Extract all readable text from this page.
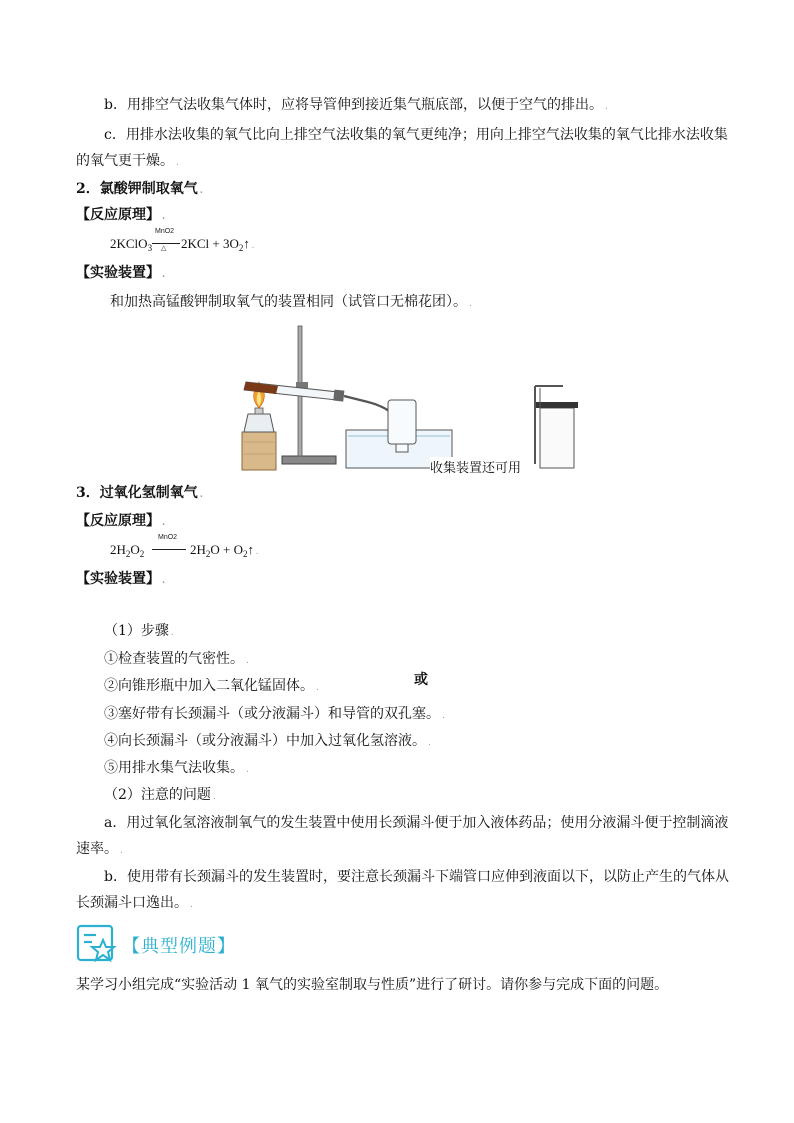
b．用排空气法收集气体时，应将导管伸到接近集气瓶底部，以便于空气的排出。 .
c．用排水法收集的氧气比向上排空气法收集的氧气更纯净；用向上排空气法收集的氧气比排水法收集
的氧气更干燥。 .
2．氯酸钾制取氧气 .
【反应原理】 .
2KClO$_3$
MnO2
△ $2KCl + 3O_2↑$ .
【实验装置】 .
和加热高锰酸钾制取氧气的装置相同（试管口无棉花团）。 .
收集装置还可用
3．过氧化氢制氧气 .
【反应原理】 .
$2H_2O_2$
MnO2
$2H_2O$ + $O_2↑$ .
【实验装置】 .
（1）步骤 .
①检查装置的气密性。 .
②向锥形瓶中加入二氧化锰固体。 .
③塞好带有长颈漏斗（或分液漏斗）和导管的双孔塞。 .
④向长颈漏斗（或分液漏斗）中加入过氧化氢溶液。 .
⑤用排水集气法收集。 .
或
（2）注意的问题 .
a．用过氧化氢溶液制氧气的发生装置中使用长颈漏斗便于加入液体药品；使用分液漏斗便于控制滴液
速率。 .
b．使用带有长颈漏斗的发生装置时，要注意长颈漏斗下端管口应伸到液面以下，以防止产生的气体从
长颈漏斗口逸出。 .
【典型例题】
某学习小组完成“实验活动 1 氧气的实验室制取与性质”进行了研讨。请你参与完成下面的问题。
